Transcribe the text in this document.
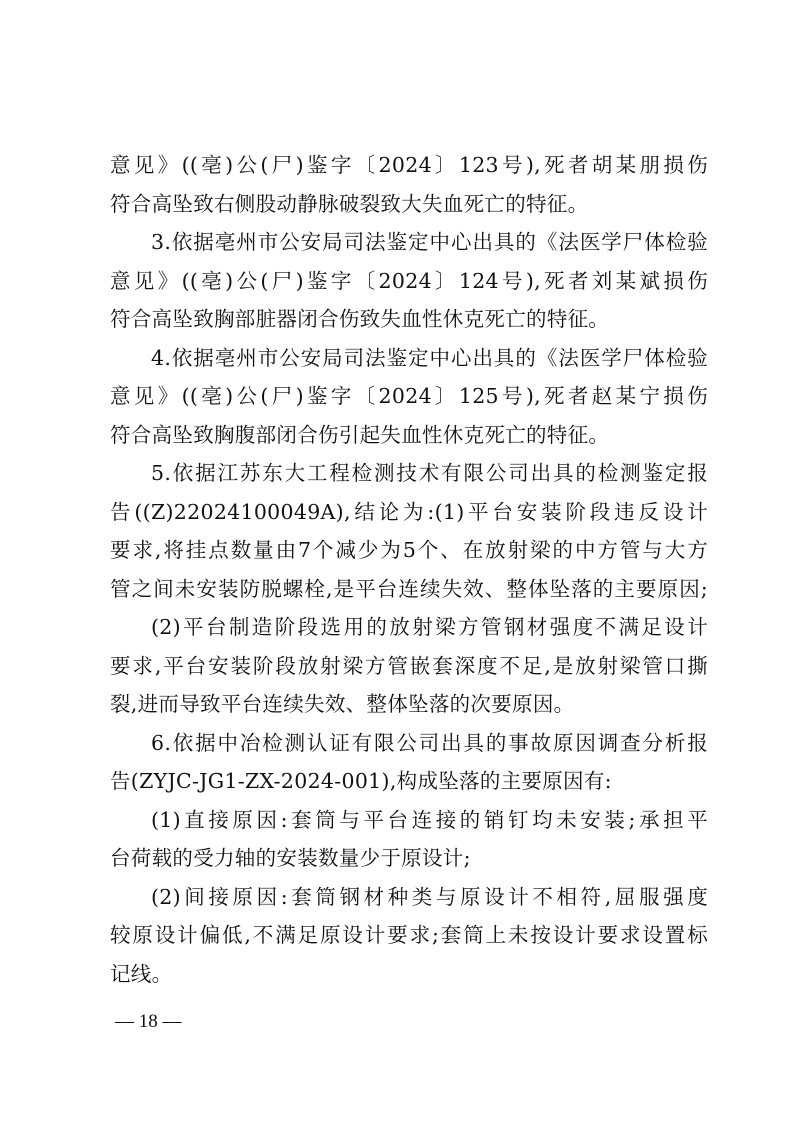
意见》((亳)公(尸)鉴字〔2024〕123号),死者胡某朋损伤
符合高坠致右侧股动静脉破裂致大失血死亡的特征。
3.依据亳州市公安局司法鉴定中心出具的《法医学尸体检验
意见》((亳)公(尸)鉴字〔2024〕124号),死者刘某斌损伤
符合高坠致胸部脏器闭合伤致失血性休克死亡的特征。
4.依据亳州市公安局司法鉴定中心出具的《法医学尸体检验
意见》((亳)公(尸)鉴字〔2024〕125号),死者赵某宁损伤
符合高坠致胸腹部闭合伤引起失血性休克死亡的特征。
5.依据江苏东大工程检测技术有限公司出具的检测鉴定报
告((Z)22024100049A),结论为:(1)平台安装阶段违反设计
要求,将挂点数量由7个减少为5个、在放射梁的中方管与大方
管之间未安装防脱螺栓,是平台连续失效、整体坠落的主要原因;
(2)平台制造阶段选用的放射梁方管钢材强度不满足设计
要求,平台安装阶段放射梁方管嵌套深度不足,是放射梁管口撕
裂,进而导致平台连续失效、整体坠落的次要原因。
6.依据中冶检测认证有限公司出具的事故原因调查分析报
告(ZYJC-JG1-ZX-2024-001),构成坠落的主要原因有:
(1)直接原因:套筒与平台连接的销钉均未安装;承担平
台荷载的受力轴的安装数量少于原设计;
(2)间接原因:套筒钢材种类与原设计不相符,屈服强度
较原设计偏低,不满足原设计要求;套筒上未按设计要求设置标
记线。
— 18 —
